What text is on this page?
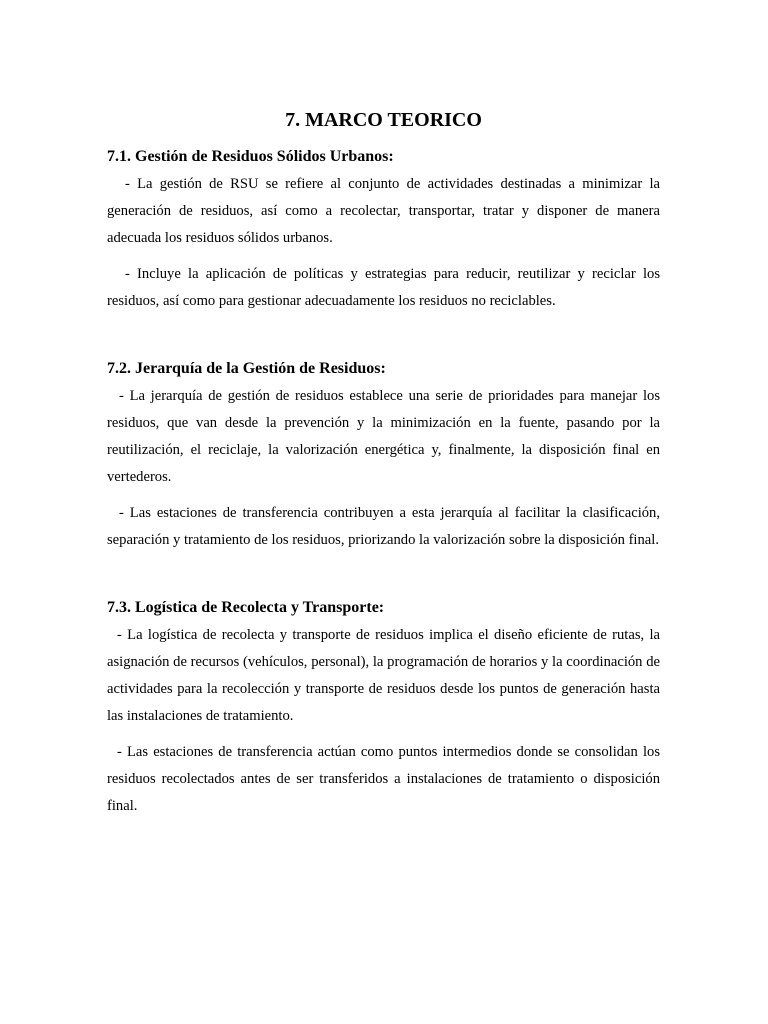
7. MARCO TEORICO
7.1. Gestión de Residuos Sólidos Urbanos:

- La gestión de RSU se refiere al conjunto de actividades destinadas a minimizar la generación de residuos, así como a recolectar, transportar, tratar y disponer de manera adecuada los residuos sólidos urbanos.

- Incluye la aplicación de políticas y estrategias para reducir, reutilizar y reciclar los residuos, así como para gestionar adecuadamente los residuos no reciclables.

7.2. Jerarquía de la Gestión de Residuos:

- La jerarquía de gestión de residuos establece una serie de prioridades para manejar los residuos, que van desde la prevención y la minimización en la fuente, pasando por la reutilización, el reciclaje, la valorización energética y, finalmente, la disposición final en vertederos.

- Las estaciones de transferencia contribuyen a esta jerarquía al facilitar la clasificación, separación y tratamiento de los residuos, priorizando la valorización sobre la disposición final.

7.3. Logística de Recolecta y Transporte:

- La logística de recolecta y transporte de residuos implica el diseño eficiente de rutas, la asignación de recursos (vehículos, personal), la programación de horarios y la coordinación de actividades para la recolección y transporte de residuos desde los puntos de generación hasta las instalaciones de tratamiento.

- Las estaciones de transferencia actúan como puntos intermedios donde se consolidan los residuos recolectados antes de ser transferidos a instalaciones de tratamiento o disposición final.
